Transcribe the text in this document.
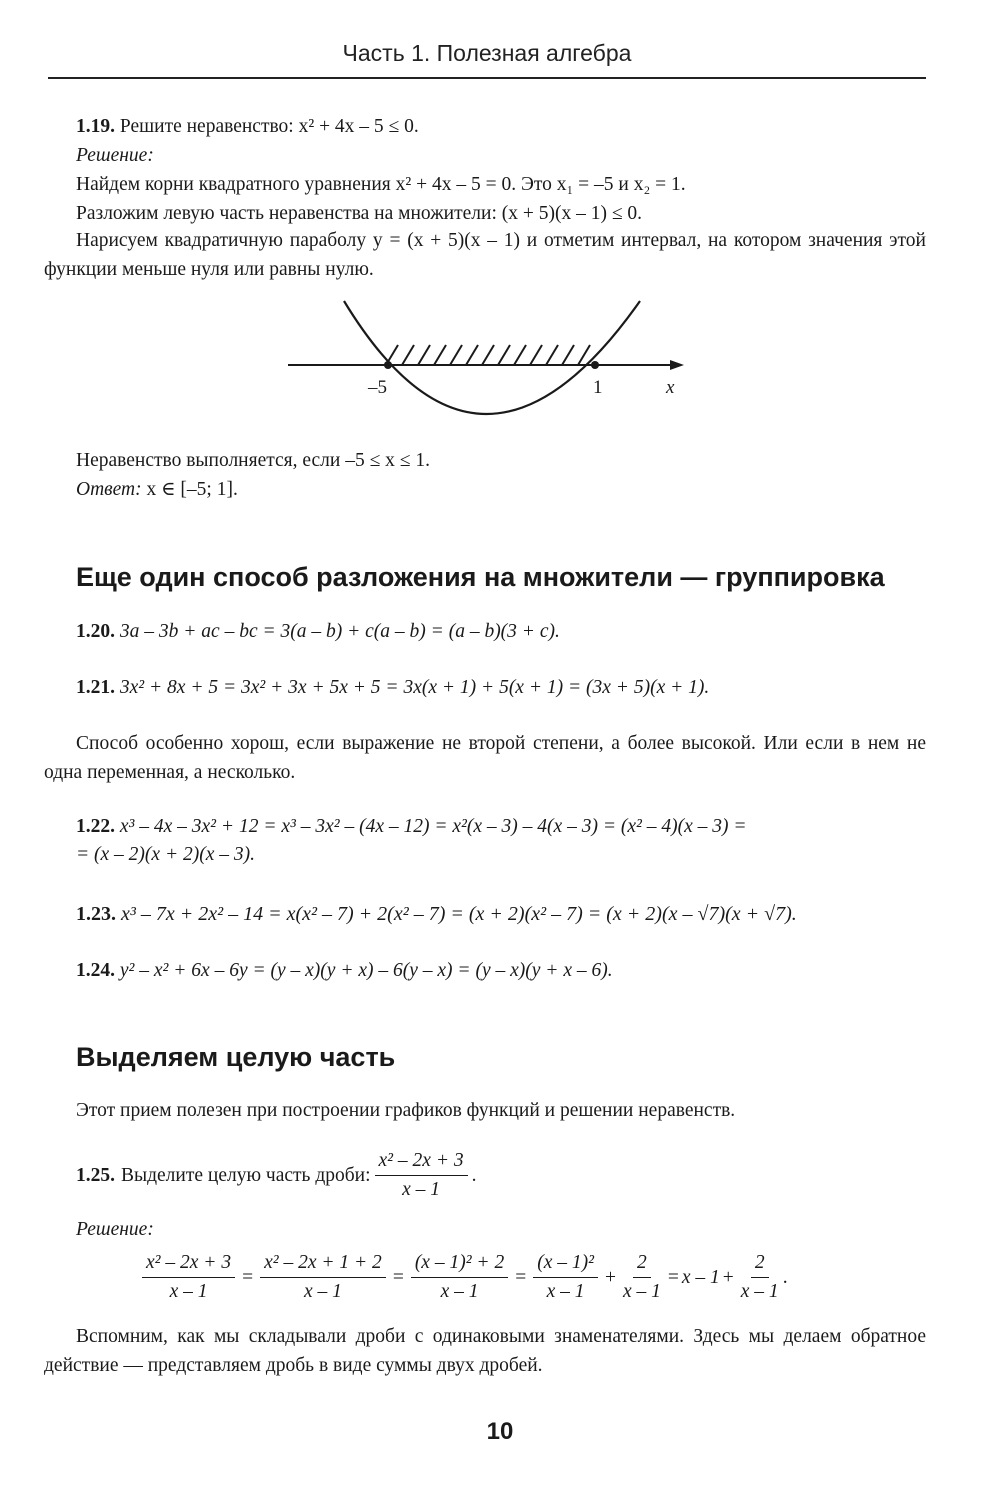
Часть 1. Полезная алгебра
1.19. Решите неравенство: x² + 4x – 5 ≤ 0.
Решение:
Найдем корни квадратного уравнения x² + 4x – 5 = 0. Это x₁ = –5 и x₂ = 1.
Разложим левую часть неравенства на множители: (x + 5)(x – 1) ≤ 0.
Нарисуем квадратичную параболу y = (x + 5)(x – 1) и отметим интервал, на котором значения этой функции меньше нуля или равны нулю.
–5	1	x
Неравенство выполняется, если –5 ≤ x ≤ 1.
Ответ: x ∈ [–5; 1].
Еще один способ разложения на множители — группировка
1.20. 3a – 3b + ac – bc = 3(a – b) + c(a – b) = (a – b)(3 + c).
1.21. 3x² + 8x + 5 = 3x² + 3x + 5x + 5 = 3x(x + 1) + 5(x + 1) = (3x + 5)(x + 1).
Способ особенно хорош, если выражение не второй степени, а более высокой. Или если в нем не одна переменная, а несколько.
1.22. x³ – 4x – 3x² + 12 = x³ – 3x² – (4x – 12) = x²(x – 3) – 4(x – 3) = (x² – 4)(x – 3) =
= (x – 2)(x + 2)(x – 3).
1.23. x³ – 7x + 2x² – 14 = x(x² – 7) + 2(x² – 7) = (x + 2)(x² – 7) = (x + 2)(x – √7)(x + √7).
1.24. y² – x² + 6x – 6y = (y – x)(y + x) – 6(y – x) = (y – x)(y + x – 6).
Выделяем целую часть
Этот прием полезен при построении графиков функций и решении неравенств.
1.25. Выделите целую часть дроби: $\frac{\text{x² – 2x + 3}}{x - 1}$ .
Решение:
$\frac{\text{x² – 2x + 3}}{x - 1} = \frac{\text{x² – 2x + 1 + 2}}{x - 1} = \frac{\text{(x – 1)² + 2}}{x - 1} = \frac{\text{(x – 1)²}}{x - 1} + \frac{2}{x - 1} = x - 1 + \frac{2}{x - 1}$ .
Вспомним, как мы складывали дроби с одинаковыми знаменателями. Здесь мы делаем обратное действие — представляем дробь в виде суммы двух дробей.
10
